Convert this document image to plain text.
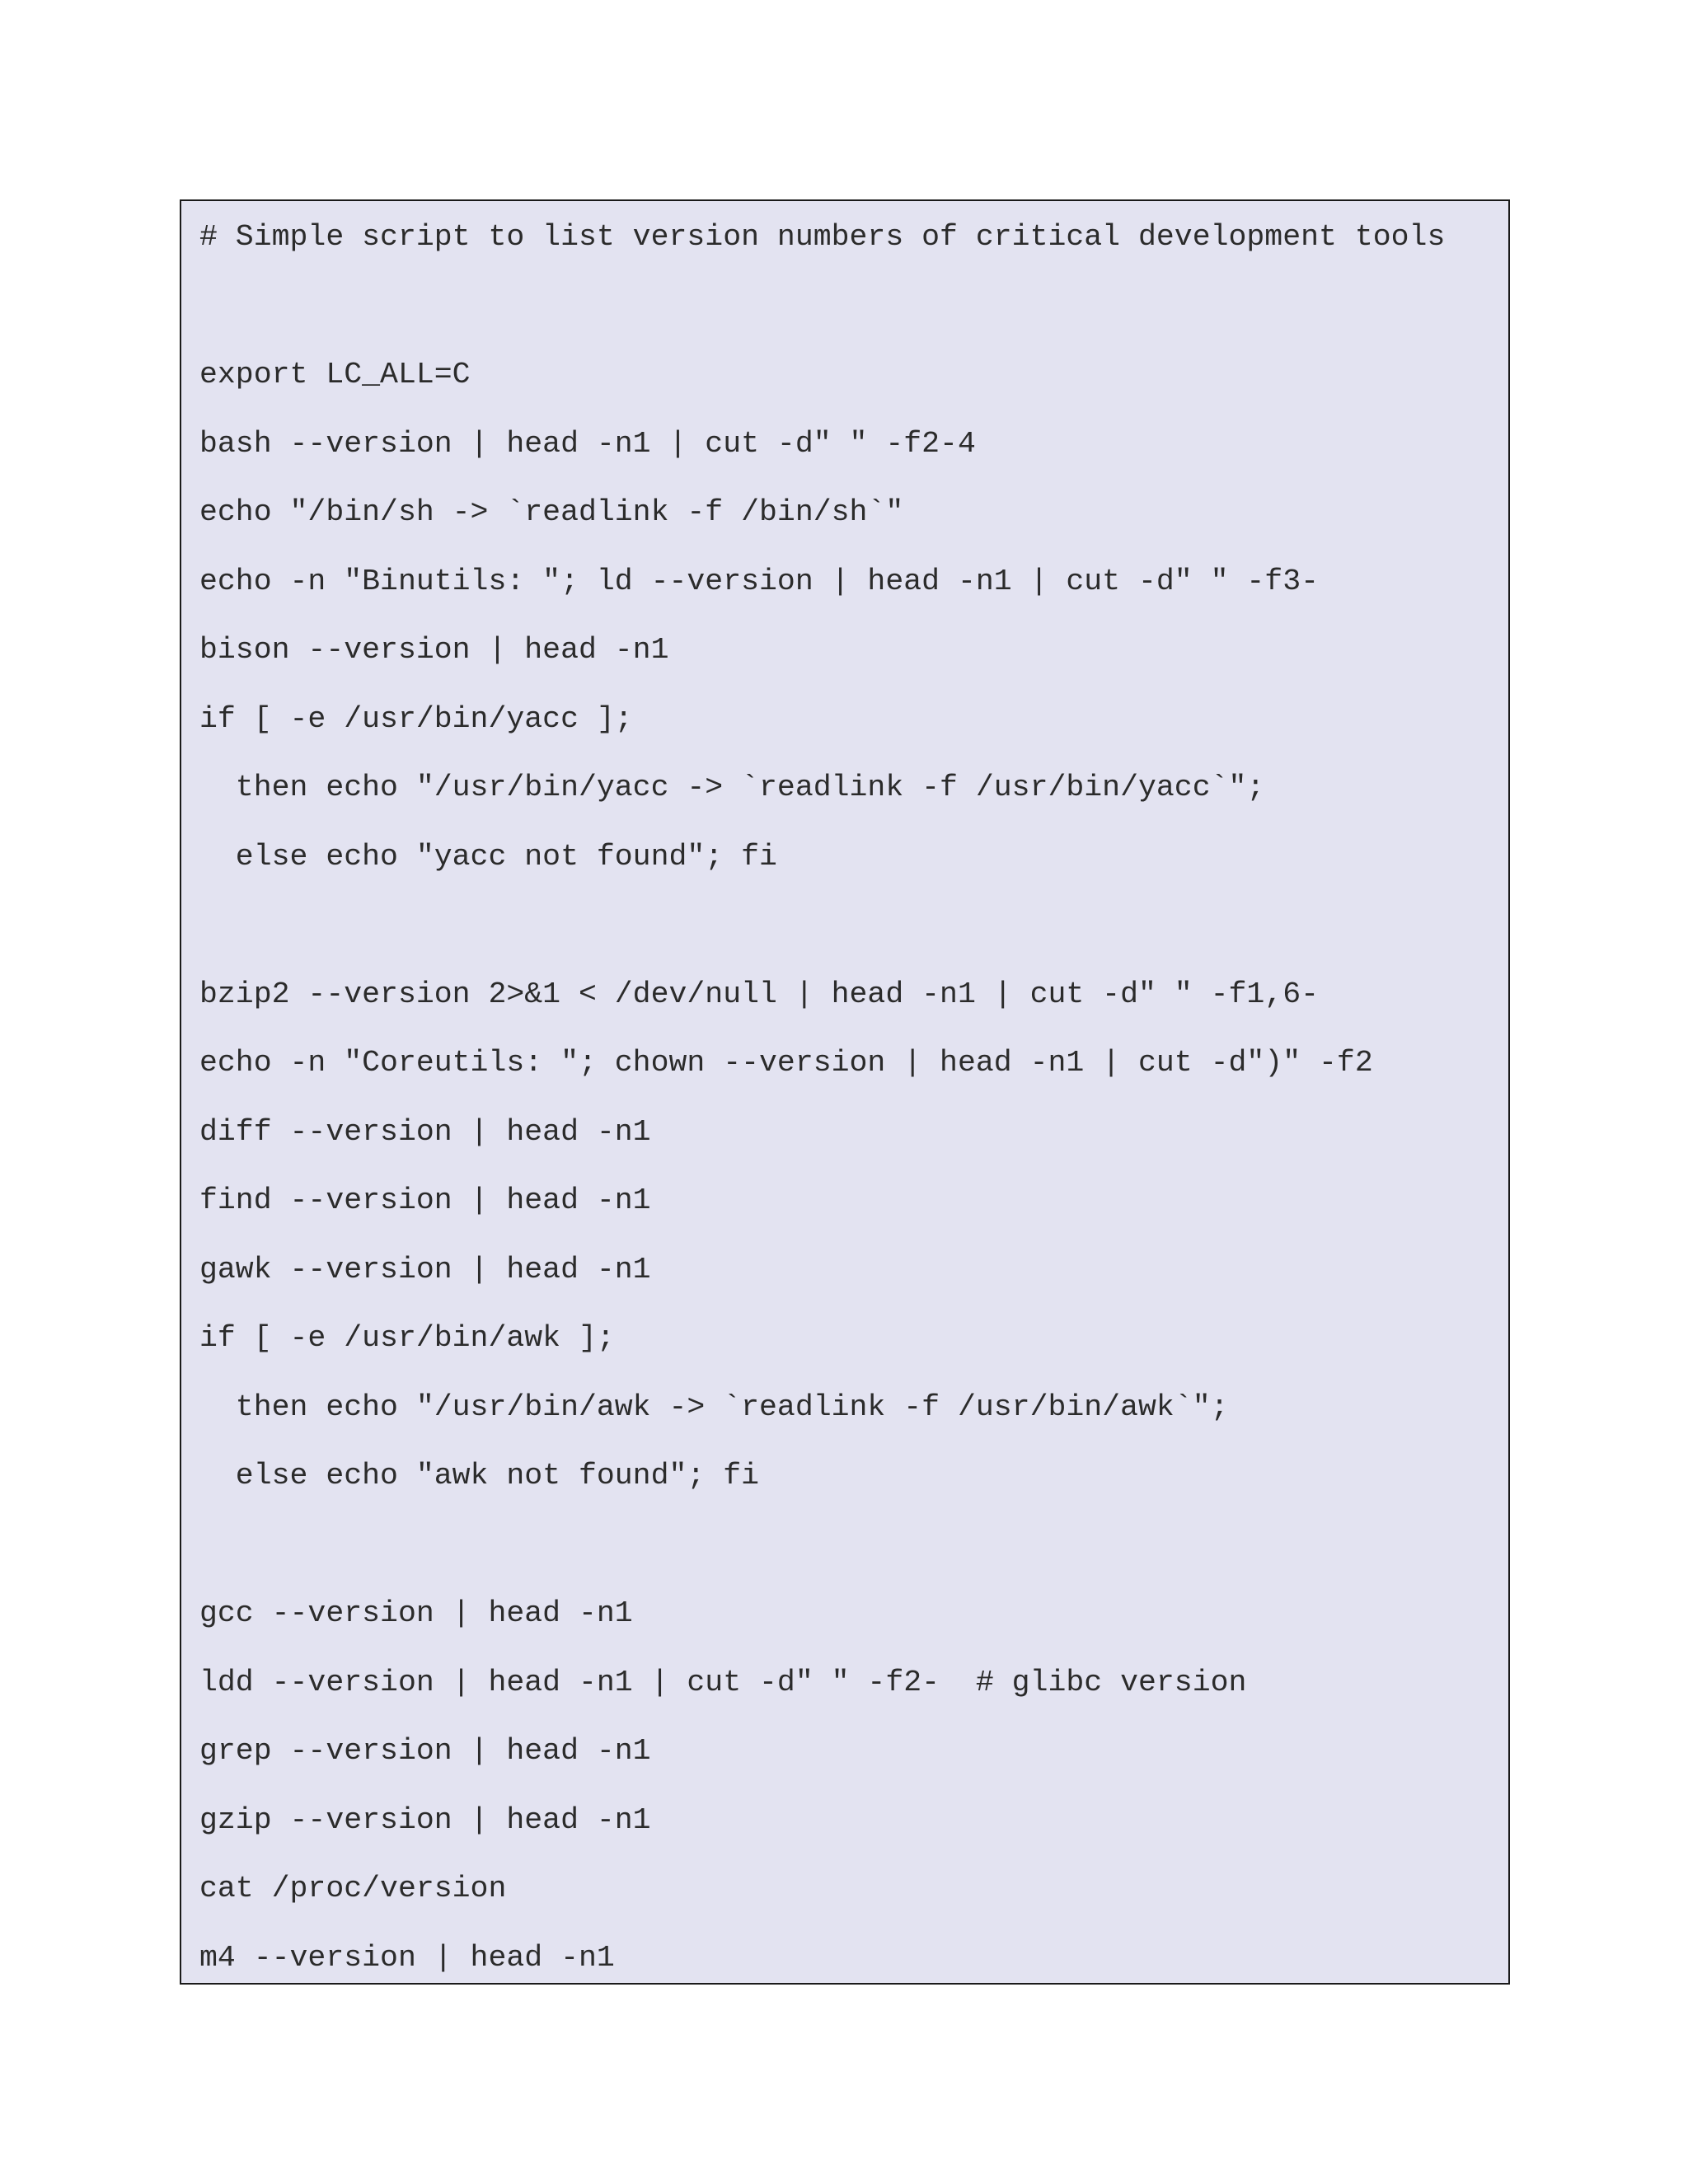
# Simple script to list version numbers of critical development tools
export LC_ALL=C
bash --version | head -n1 | cut -d" " -f2-4
echo "/bin/sh -> `readlink -f /bin/sh`"
echo -n "Binutils: "; ld --version | head -n1 | cut -d" " -f3-
bison --version | head -n1
if [ -e /usr/bin/yacc ];
then echo "/usr/bin/yacc -> `readlink -f /usr/bin/yacc`";
else echo "yacc not found"; fi
bzip2 --version 2>&1 < /dev/null | head -n1 | cut -d" " -f1,6-
echo -n "Coreutils: "; chown --version | head -n1 | cut -d")" -f2
diff --version | head -n1
find --version | head -n1
gawk --version | head -n1
if [ -e /usr/bin/awk ];
then echo "/usr/bin/awk -> `readlink -f /usr/bin/awk`";
else echo "awk not found"; fi
gcc --version | head -n1
ldd --version | head -n1 | cut -d" " -f2-  # glibc version
grep --version | head -n1
gzip --version | head -n1
cat /proc/version
m4 --version | head -n1
